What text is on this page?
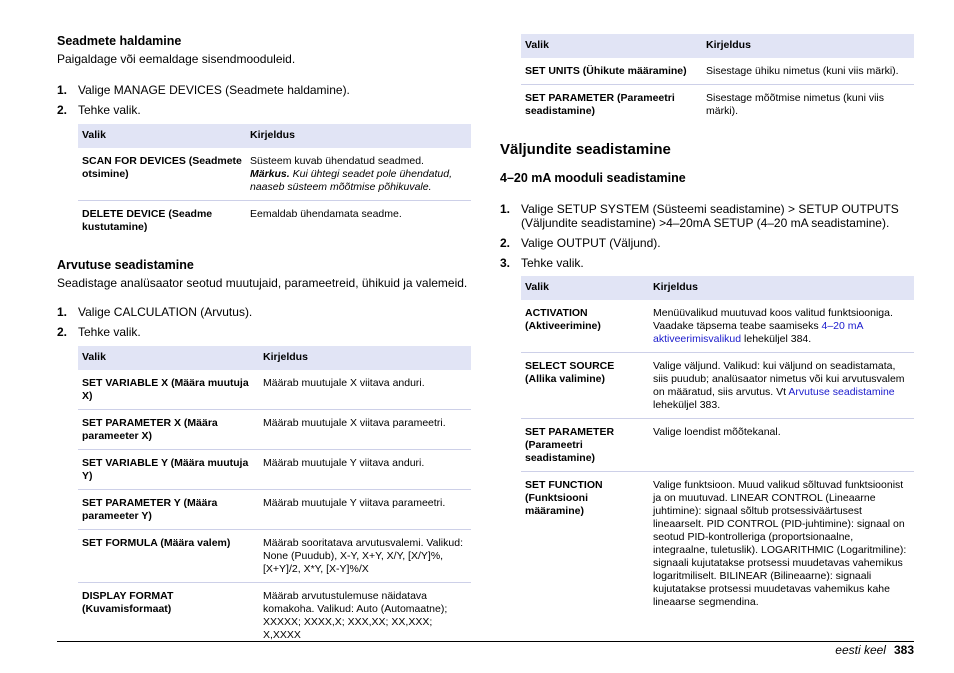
Seadmete haldamine

Paigaldage või eemaldage sisendmooduleid.

1. Valige MANAGE DEVICES (Seadmete haldamine).
2. Tehke valik.
Valik	Kirjeldus
SCAN FOR DEVICES (Seadmete otsimine)	Süsteem kuvab ühendatud seadmed.
Märkus. Kui ühtegi seadet pole ühendatud, naaseb süsteem mõõtmise põhikuvale.
DELETE DEVICE (Seadme kustutamine)	Eemaldab ühendamata seadme.
Arvutuse seadistamine

Seadistage analüsaator seotud muutujaid, parameetreid, ühikuid ja valemeid.

1. Valige CALCULATION (Arvutus).
2. Tehke valik.
Valik	Kirjeldus
SET VARIABLE X (Määra muutuja X)	Määrab muutujale X viitava anduri.
SET PARAMETER X (Määra parameeter X)	Määrab muutujale X viitava parameetri.
SET VARIABLE Y (Määra muutuja Y)	Määrab muutujale Y viitava anduri.
SET PARAMETER Y (Määra parameeter Y)	Määrab muutujale Y viitava parameetri.
SET FORMULA (Määra valem)	Määrab sooritatava arvutusvalemi. Valikud: None (Puudub), X-Y, X+Y, X/Y, [X/Y]%, [X+Y]/2, X*Y, [X-Y]%/X
DISPLAY FORMAT (Kuvamisformaat)	Määrab arvutustulemuse näidatava komakoha. Valikud: Auto (Automaatne); XXXXX; XXXX,X; XXX,XX; XX,XXX; X,XXXX
Valik	Kirjeldus
SET UNITS (Ühikute määramine)	Sisestage ühiku nimetus (kuni viis märki).
SET PARAMETER (Parameetri seadistamine)	Sisestage mõõtmise nimetus (kuni viis märki).
Väljundite seadistamine
4–20 mA mooduli seadistamine
1. Valige SETUP SYSTEM (Süsteemi seadistamine) > SETUP OUTPUTS (Väljundite seadistamine) >4–20mA SETUP (4–20 mA seadistamine).
2. Valige OUTPUT (Väljund).
3. Tehke valik.
Valik	Kirjeldus
ACTIVATION (Aktiveerimine)	Menüüvalikud muutuvad koos valitud funktsiooniga. Vaadake täpsema teabe saamiseks 4–20 mA aktiveerimisvalikud leheküljel 384.
SELECT SOURCE (Allika valimine)	Valige väljund. Valikud: kui väljund on seadistamata, siis puudub; analüsaator nimetus või kui arvutusvalem on määratud, siis arvutus. Vt Arvutuse seadistamine leheküljel 383.
SET PARAMETER (Parameetri seadistamine)	Valige loendist mõõtekanal.
SET FUNCTION (Funktsiooni määramine)	Valige funktsioon. Muud valikud sõltuvad funktsioonist ja on muutuvad. LINEAR CONTROL (Lineaarne juhtimine): signaal sõltub protsessiväärtusest lineaarselt. PID CONTROL (PID-juhtimine): signaal on seotud PID-kontrolleriga (proportsionaalne, integraalne, tuletuslik). LOGARITHMIC (Logaritmiline): signaali kujutatakse protsessi muudetavas vahemikus logaritmiliselt. BILINEAR (Bilineaarne): signaali kujutatakse protsessi muudetavas vahemikus kahe lineaarse segmendina.
eesti keel 383
